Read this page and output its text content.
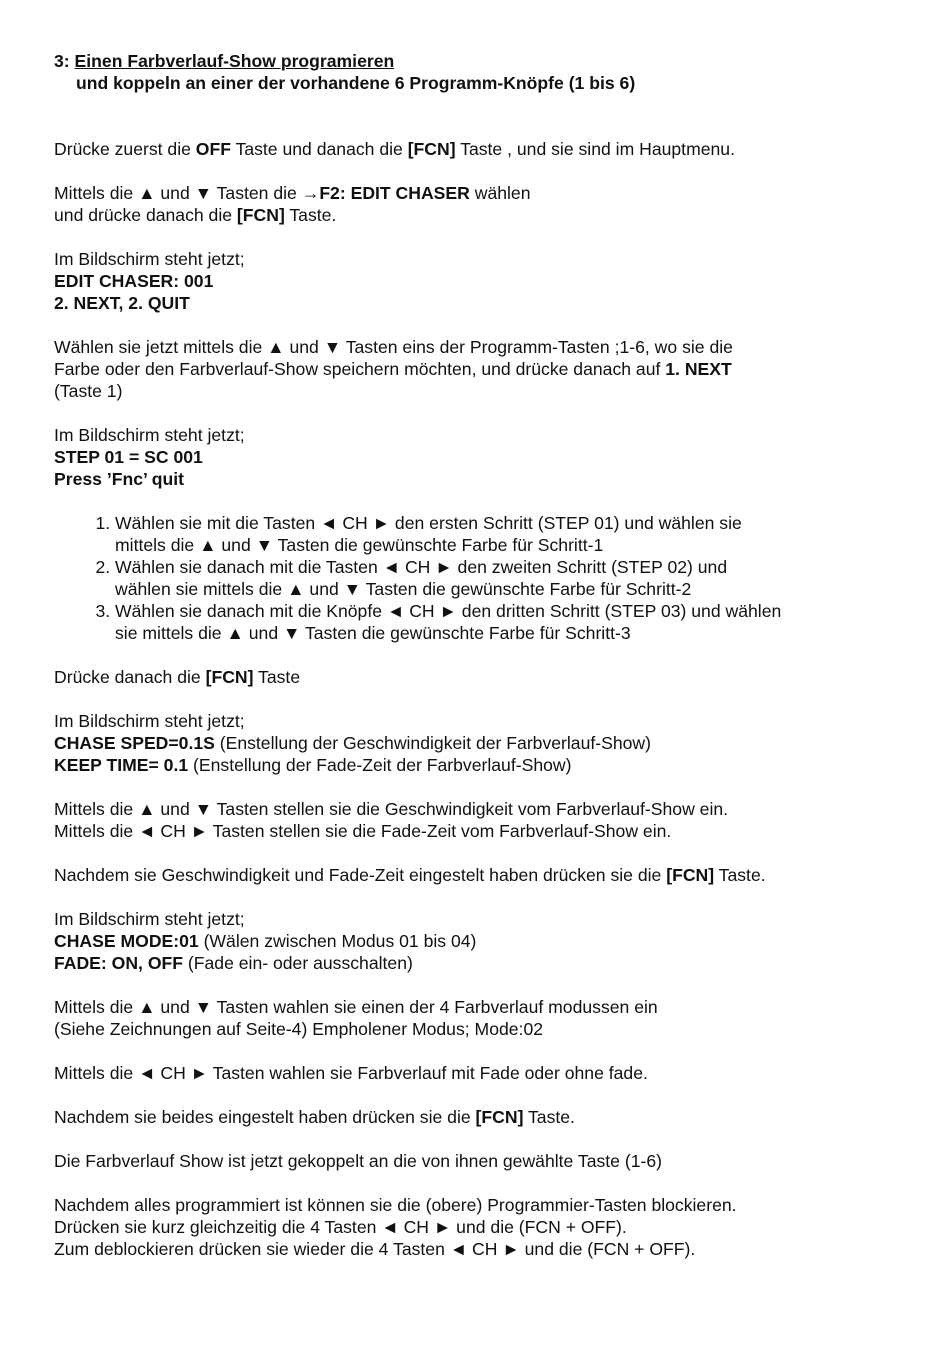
3: Einen Farbverlauf-Show programieren

und koppeln an einer der vorhandene 6 Programm-Knöpfe (1 bis 6)

Drücke zuerst die OFF Taste und danach die [FCN] Taste , und sie sind im Hauptmenu.

Mittels die ▲ und ▼ Tasten die →F2: EDIT CHASER wählen
und drücke danach die [FCN] Taste.

Im Bildschirm steht jetzt;

EDIT CHASER: 001

2. NEXT, 2. QUIT

Wählen sie jetzt mittels die ▲ und ▼ Tasten eins der Programm-Tasten ;1-6, wo sie die
Farbe oder den Farbverlauf-Show speichern möchten, und drücke danach auf 1. NEXT
(Taste 1)

Im Bildschirm steht jetzt;

STEP 01 = SC 001

Press ’Fnc’ quit

1. Wählen sie mit die Tasten ◄ CH ► den ersten Schritt (STEP 01) und wählen sie
mittels die ▲ und ▼ Tasten die gewünschte Farbe für Schritt-1
2. Wählen sie danach mit die Tasten ◄ CH ► den zweiten Schritt (STEP 02) und
wählen sie mittels die ▲ und ▼ Tasten die gewünschte Farbe für Schritt-2
3. Wählen sie danach mit die Knöpfe ◄ CH ► den dritten Schritt (STEP 03) und wählen
sie mittels die ▲ und ▼ Tasten die gewünschte Farbe für Schritt-3

Drücke danach die [FCN] Taste

Im Bildschirm steht jetzt;

CHASE SPED=0.1S (Enstellung der Geschwindigkeit der Farbverlauf-Show)

KEEP TIME= 0.1 (Enstellung der Fade-Zeit der Farbverlauf-Show)

Mittels die ▲ und ▼ Tasten stellen sie die Geschwindigkeit vom Farbverlauf-Show ein.
Mittels die ◄ CH ► Tasten stellen sie die Fade-Zeit vom Farbverlauf-Show ein.

Nachdem sie Geschwindigkeit und Fade-Zeit eingestelt haben drücken sie die [FCN] Taste.

Im Bildschirm steht jetzt;

CHASE MODE:01 (Wälen zwischen Modus 01 bis 04)

FADE: ON, OFF (Fade ein- oder ausschalten)

Mittels die ▲ und ▼ Tasten wahlen sie einen der 4 Farbverlauf modussen ein
(Siehe Zeichnungen auf Seite-4) Empholener Modus; Mode:02

Mittels die ◄ CH ► Tasten wahlen sie Farbverlauf mit Fade oder ohne fade.

Nachdem sie beides eingestelt haben drücken sie die [FCN] Taste.

Die Farbverlauf Show ist jetzt gekoppelt an die von ihnen gewählte Taste (1-6)

Nachdem alles programmiert ist können sie die (obere) Programmier-Tasten blockieren.
Drücken sie kurz gleichzeitig die 4 Tasten ◄ CH ► und die (FCN + OFF).
Zum deblockieren drücken sie wieder die 4 Tasten ◄ CH ► und die (FCN + OFF).
